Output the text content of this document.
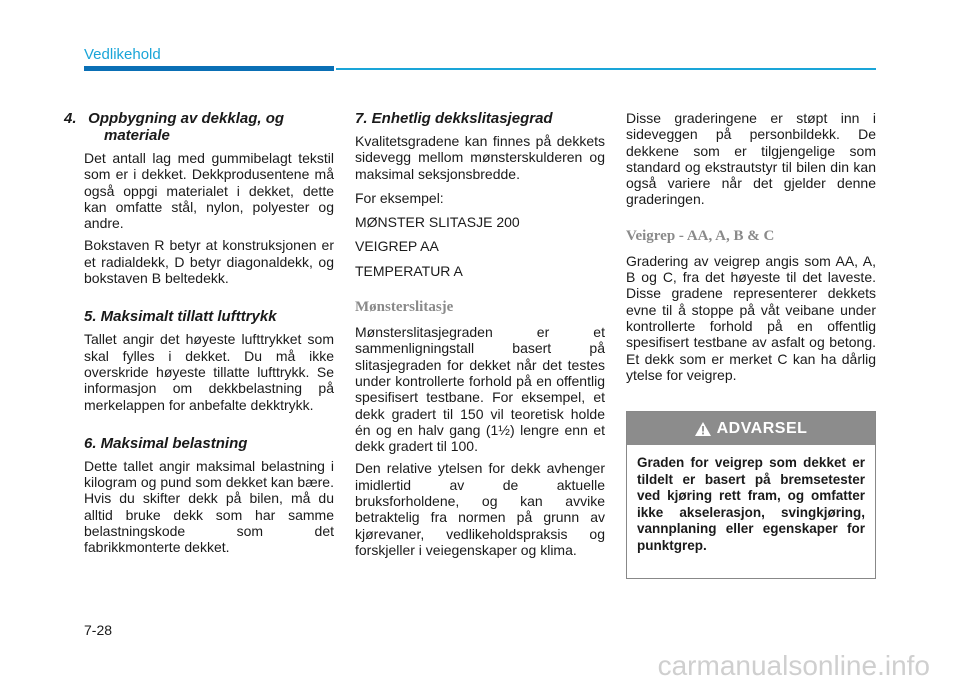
Vedlikehold
4. Oppbygning av dekklag, og materiale

Det antall lag med gummibelagt tekstil som er i dekket. Dekkprodusentene må også oppgi materialet i dekket, dette kan omfatte stål, nylon, polyester og andre.

Bokstaven R betyr at konstruksjonen er et radialdekk, D betyr diagonaldekk, og bokstaven B beltedekk.

5. Maksimalt tillatt lufttrykk

Tallet angir det høyeste lufttrykket som skal fylles i dekket. Du må ikke overskride høyeste tillatte lufttrykk. Se informasjon om dekkbelastning på merkelappen for anbefalte dekktrykk.

6. Maksimal belastning

Dette tallet angir maksimal belastning i kilogram og pund som dekket kan bære. Hvis du skifter dekk på bilen, må du alltid bruke dekk som har samme belastningskode som det fabrikkmonterte dekket.

7. Enhetlig dekkslitasjegrad

Kvalitetsgradene kan finnes på dekkets sidevegg mellom mønsterskulderen og maksimal seksjonsbredde.

For eksempel:

MØNSTER SLITASJE 200

VEIGREP AA

TEMPERATUR A

Mønsterslitasje

Mønsterslitasjegraden er et sammenligningstall basert på slitasjegraden for dekket når det testes under kontrollerte forhold på en offentlig spesifisert testbane. For eksempel, et dekk gradert til 150 vil teoretisk holde én og en halv gang (1½) lengre enn et dekk gradert til 100.

Den relative ytelsen for dekk avhenger imidlertid av de aktuelle bruksforholdene, og kan avvike betraktelig fra normen på grunn av kjørevaner, vedlikeholdspraksis og forskjeller i veiegenskaper og klima.

Disse graderingene er støpt inn i sideveggen på personbildekk. De dekkene som er tilgjengelige som standard og ekstrautstyr til bilen din kan også variere når det gjelder denne graderingen.

Veigrep - AA, A, B & C

Gradering av veigrep angis som AA, A, B og C, fra det høyeste til det laveste. Disse gradene representerer dekkets evne til å stoppe på våt veibane under kontrollerte forhold på en offentlig spesifisert testbane av asfalt og betong. Et dekk som er merket C kan ha dårlig ytelse for veigrep.

ADVARSEL
Graden for veigrep som dekket er tildelt er basert på bremsetester ved kjøring rett fram, og omfatter ikke akselerasjon, svingkjøring, vannplaning eller egenskaper for punktgrep.
7-28
carmanualsonline.info
